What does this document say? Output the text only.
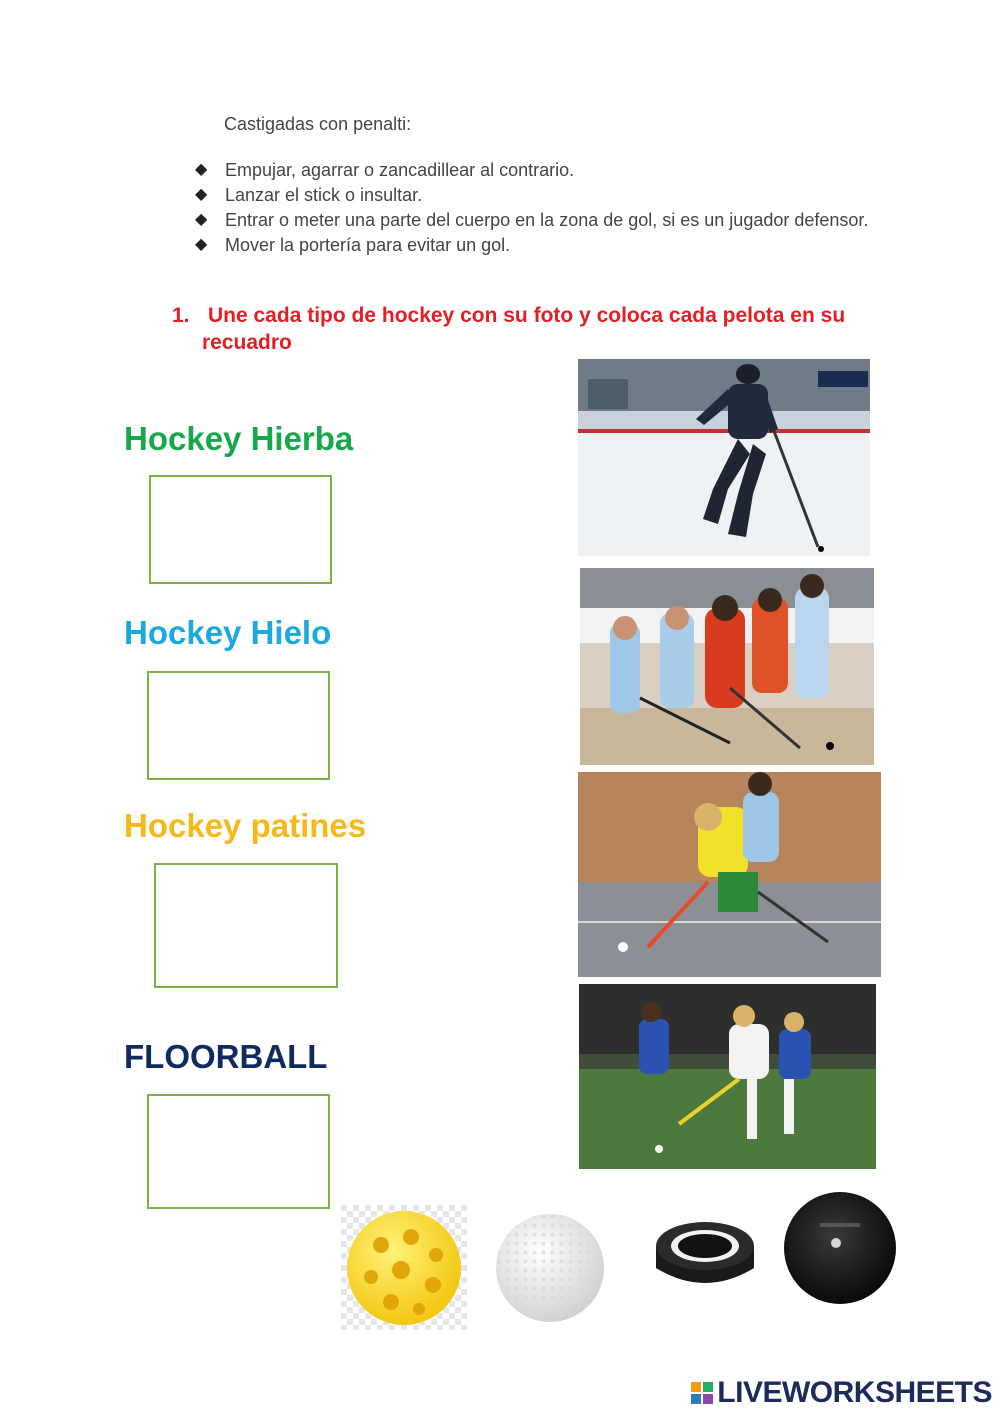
Castigadas con penalti:
◆ Empujar, agarrar o zancadillear al contrario.
◆ Lanzar el stick o insultar.
◆ Entrar o meter una parte del cuerpo en la zona de gol, si es un jugador defensor.
◆ Mover la portería para evitar un gol.
1. Une cada tipo de hockey con su foto y coloca cada pelota en su
recuadro
Hockey Hierba
Hockey Hielo
Hockey patines
FLOORBALL
LIVEWORKSHEETS
